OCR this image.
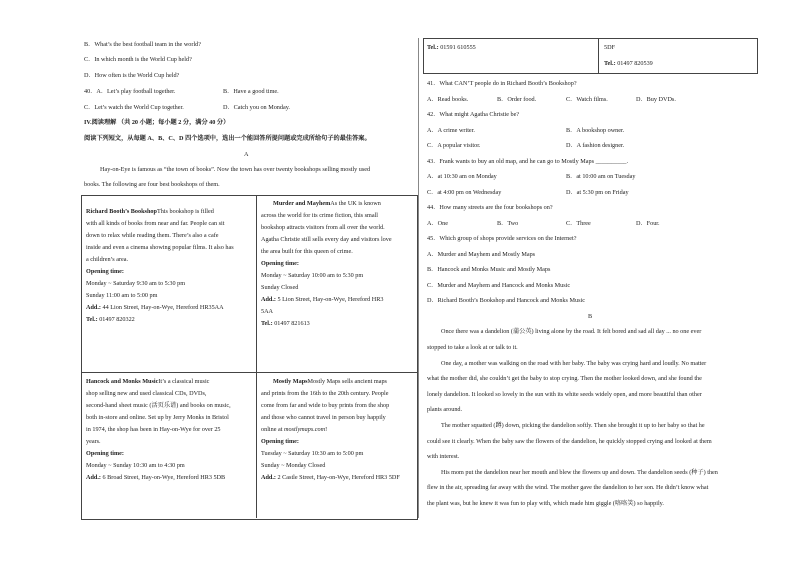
B．What’s the best football team in the world?
C．In which month is the World Cup held?
D．How often is the World Cup held?
40．A．Let’s play football together.	B．Have a good time.
C．Let’s watch the World Cup together.	D．Catch you on Monday.
IV.阅读理解 （共 20 小题；每小题 2 分，满分 40 分）
阅读下列短文，从每题 A、B、C、D 四个选项中，选出一个能回答所提问题或完成所给句子的最佳答案。
A
Hay-on-Eye is famous as “the town of books”. Now the town has over twenty bookshops selling mostly used
books. The following are four best bookshops of them.
Richard Booth’s BookshopThis bookshop is filled
with all kinds of books from near and far. People can sit
down to relax while reading them. There’s also a cafe
inside and even a cinema showing popular films. It also has
a children’s area.
Opening time:
Monday ~ Saturday 9:30 am to 5:30 pm
Sunday 11:00 am to 5:00 pm
Add.: 44 Lion Street, Hay-on-Wye, Hereford HR35AA
Tel.: 01497 820322
Murder and MayhemAs the UK is known
across the world for its crime fiction, this small
bookshop attracts visitors from all over the world.
Agatha Christie still sells every day and visitors love
the area built for this queen of crime.
Opening time:
Monday ~ Saturday 10:00 am to 5:30 pm
Sunday Closed
Add.: 5 Lion Street, Hay-on-Wye, Hereford HR3
5AA
Tel.: 01497 821613
Hancock and Monks MusicIt’s a classical music
shop selling new and used classical CDs, DVDs,
second-hand sheet music (活页乐谱) and books on music,
both in-store and online. Set up by Jerry Monks in Bristol
in 1974, the shop has been in Hay-on-Wye for over 25
years.
Opening time:
Monday ~ Sunday 10:30 am to 4:30 pm
Add.: 6 Broad Street, Hay-on-Wye, Hereford HR3 5DB
Mostly MapsMostly Maps sells ancient maps
and prints from the 16th to the 20th century. People
come from far and wide to buy prints from the shop
and those who cannot travel in person buy happily
online at mostlymaps.com!
Opening time:
Tuesday ~ Saturday 10:30 am to 5:00 pm
Sunday ~ Monday Closed
Add.: 2 Castle Street, Hay-on-Wye, Hereford HR3 5DF
Tel.: 01591 610555	5DF
Tel.: 01497 820539
41．What CAN’T people do in Richard Booth’s Bookshop?
A．Read books.	B．Order food.	C．Watch films.	D．Buy DVDs.
42．What might Agatha Christie be?
A．A crime writer.	B．A bookshop owner.
C．A popular visitor.	D．A fashion designer.
43．Frank wants to buy an old map, and he can go to Mostly Maps __________.
A．at 10:30 am on Monday	B．at 10:00 am on Tuesday
C．at 4:00 pm on Wednesday	D．at 5:30 pm on Friday
44．How many streets are the four bookshops on?
A．One	B．Two	C．Three	D．Four.
45．Which group of shops provide services on the Internet?
A．Murder and Mayhem and Mostly Maps
B．Hancock and Monks Music and Mostly Maps
C．Murder and Mayhem and Hancock and Monks Music
D．Richard Booth’s Bookshop and Hancock and Monks Music
B
Once there was a dandelion (蒲公英) living alone by the road. It felt bored and sad all day ... no one ever
stopped to take a look at or talk to it.
One day, a mother was walking on the road with her baby. The baby was crying hard and loudly. No matter
what the mother did, she couldn’t get the baby to stop crying. Then the mother looked down, and she found the
lonely dandelion. It looked so lovely in the sun with its white seeds widely open, and more beautiful than other
plants around.
The mother squatted (蹲) down, picking the dandelion softly. Then she brought it up to her baby so that he
could see it clearly. When the baby saw the flowers of the dandelion, he quickly stopped crying and looked at them
with interest.
His mom put the dandelion near her mouth and blew the flowers up and down. The dandelion seeds (种子) then
flew in the air, spreading far away with the wind. The mother gave the dandelion to her son. He didn’t know what
the plant was, but he knew it was fun to play with, which made him giggle (咯咯笑) so happily.
